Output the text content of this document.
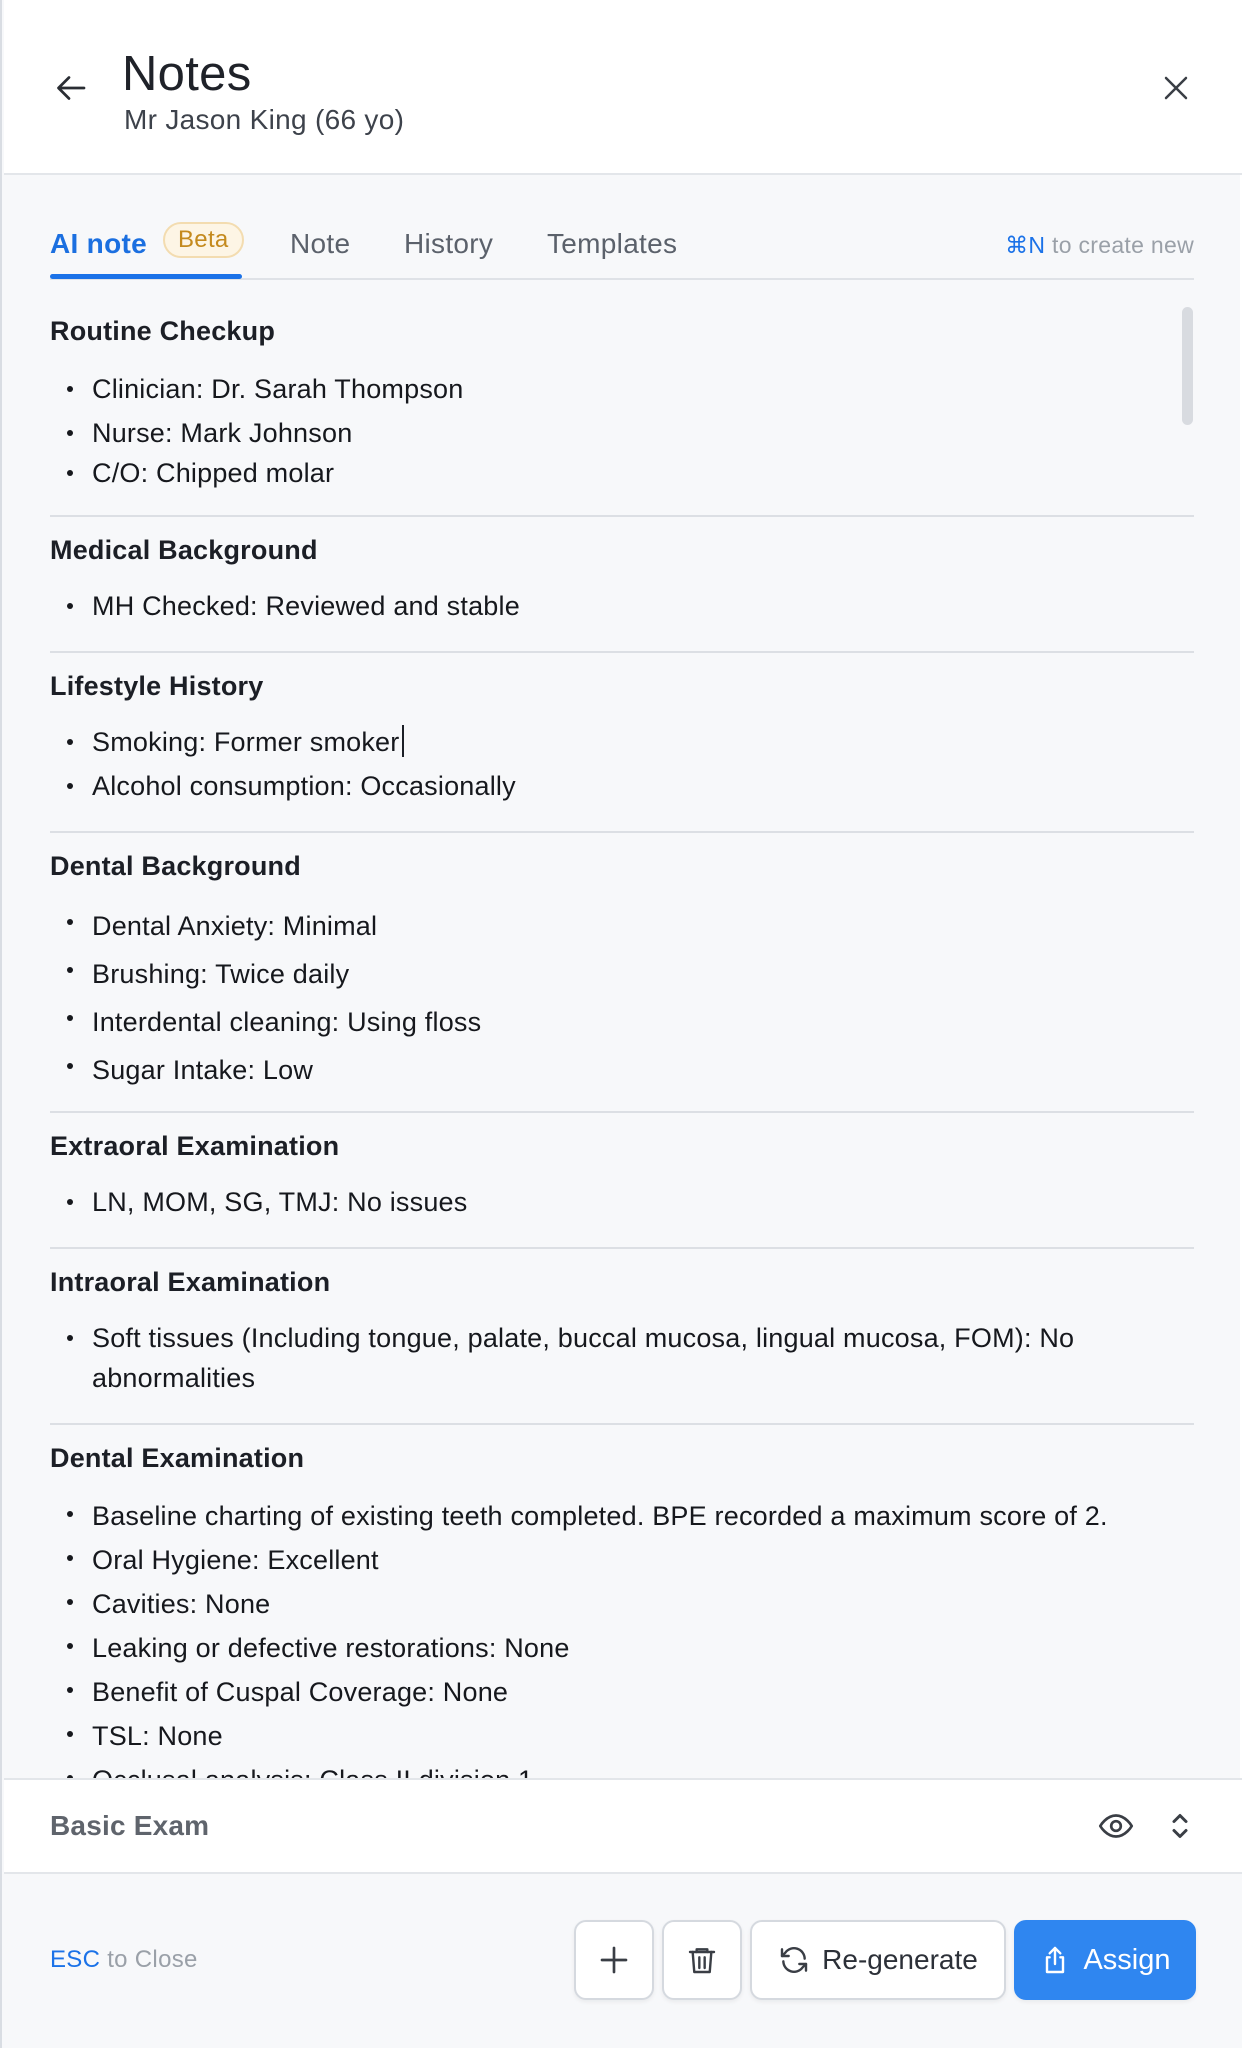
Notes
Mr Jason King (66 yo)
AI note	Beta	Note History Templates	⌘N to create new
Routine Checkup
Clinician: Dr. Sarah Thompson
Nurse: Mark Johnson
C/O: Chipped molar
Medical Background
MH Checked: Reviewed and stable
Lifestyle History
Smoking: Former smoker
Alcohol consumption: Occasionally
Dental Background
Dental Anxiety: Minimal
Brushing: Twice daily
Interdental cleaning: Using floss
Sugar Intake: Low
Extraoral Examination
LN, MOM, SG, TMJ: No issues
Intraoral Examination
Soft tissues (Including tongue, palate, buccal mucosa, lingual mucosa, FOM): No abnormalities
Dental Examination
Baseline charting of existing teeth completed. BPE recorded a maximum score of 2.
Oral Hygiene: Excellent
Cavities: None
Leaking or defective restorations: None
Benefit of Cuspal Coverage: None
TSL: None
Basic Exam
ESC to Close	Re-generate	Assign
